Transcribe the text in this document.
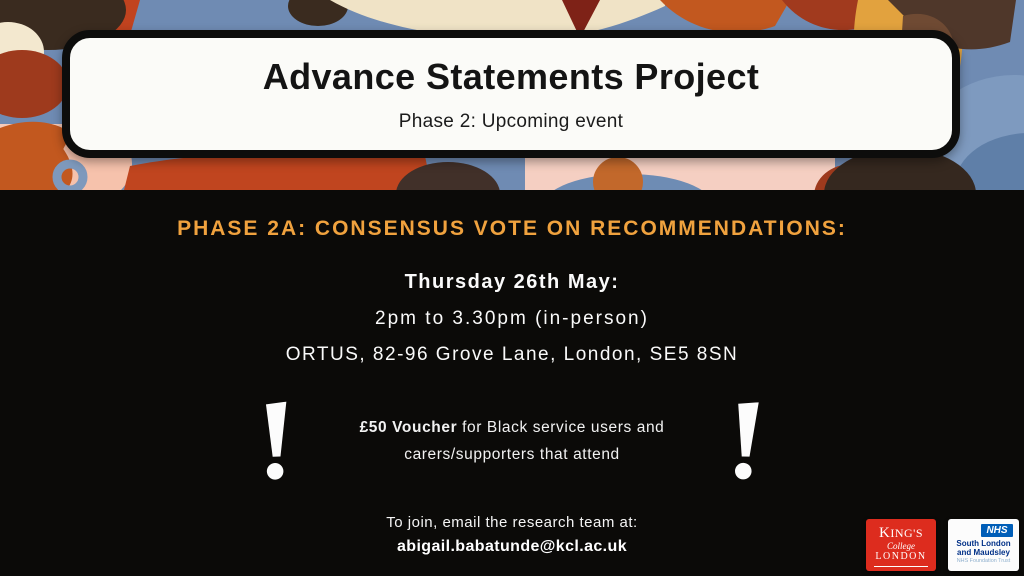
Advance Statements Project
Phase 2: Upcoming event
PHASE 2A: CONSENSUS VOTE ON RECOMMENDATIONS:
Thursday 26th May:
2pm to 3.30pm (in-person)
ORTUS, 82-96 Grove Lane, London, SE5 8SN
£50 Voucher for Black service users and
carers/supporters that attend
To join, email the research team at:
abigail.babatunde@kcl.ac.uk
KING'S
College
LONDON
NHS
South London
and Maudsley
NHS Foundation Trust
